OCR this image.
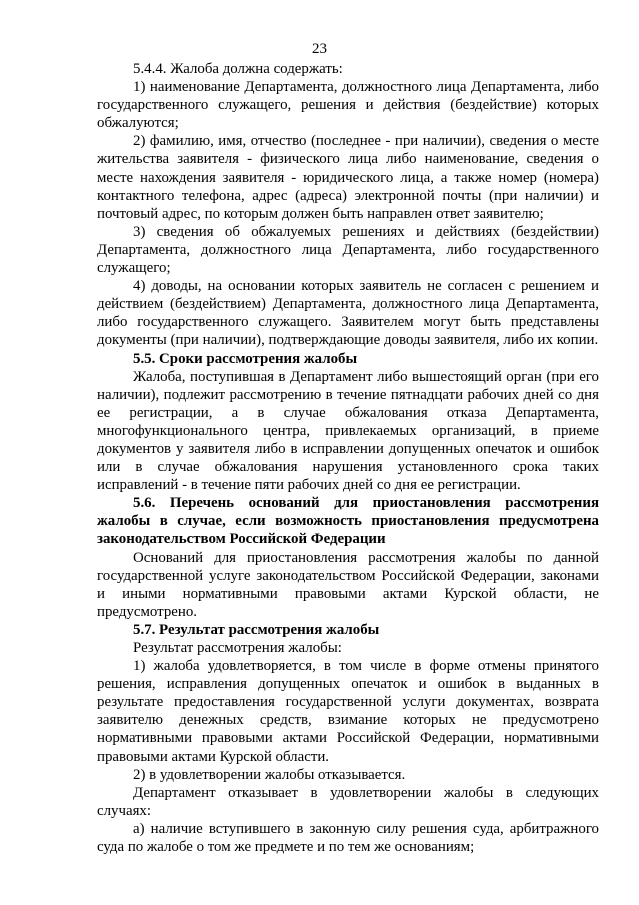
23

5.4.4. Жалоба должна содержать:

1) наименование Департамента, должностного лица Департамента, либо государственного служащего, решения и действия (бездействие) которых обжалуются;

2) фамилию, имя, отчество (последнее - при наличии), сведения о месте жительства заявителя - физического лица либо наименование, сведения о месте нахождения заявителя - юридического лица, а также номер (номера) контактного телефона, адрес (адреса) электронной почты (при наличии) и почтовый адрес, по которым должен быть направлен ответ заявителю;

3) сведения об обжалуемых решениях и действиях (бездействии) Департамента, должностного лица Департамента, либо государственного служащего;

4) доводы, на основании которых заявитель не согласен с решением и действием (бездействием) Департамента, должностного лица Департамента, либо государственного служащего. Заявителем могут быть представлены документы (при наличии), подтверждающие доводы заявителя, либо их копии.

5.5. Сроки рассмотрения жалобы

Жалоба, поступившая в Департамент либо вышестоящий орган (при его наличии), подлежит рассмотрению в течение пятнадцати рабочих дней со дня ее регистрации, а в случае обжалования отказа Департамента, многофункционального центра, привлекаемых организаций, в приеме документов у заявителя либо в исправлении допущенных опечаток и ошибок или в случае обжалования нарушения установленного срока таких исправлений - в течение пяти рабочих дней со дня ее регистрации.

5.6. Перечень оснований для приостановления рассмотрения жалобы в случае, если возможность приостановления предусмотрена законодательством Российской Федерации

Оснований для приостановления рассмотрения жалобы по данной государственной услуге законодательством Российской Федерации, законами и иными нормативными правовыми актами Курской области, не предусмотрено.

5.7. Результат рассмотрения жалобы

Результат рассмотрения жалобы:

1) жалоба удовлетворяется, в том числе в форме отмены принятого решения, исправления допущенных опечаток и ошибок в выданных в результате предоставления государственной услуги документах, возврата заявителю денежных средств, взимание которых не предусмотрено нормативными правовыми актами Российской Федерации, нормативными правовыми актами Курской области.

2) в удовлетворении жалобы отказывается.

Департамент отказывает в удовлетворении жалобы в следующих случаях:

а) наличие вступившего в законную силу решения суда, арбитражного суда по жалобе о том же предмете и по тем же основаниям;
